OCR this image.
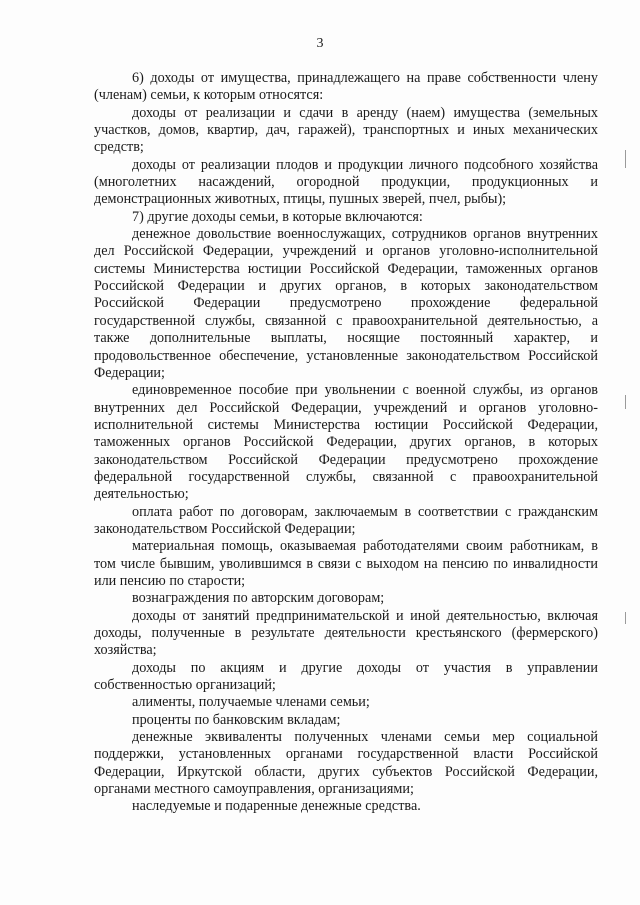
3

6) доходы от имущества, принадлежащего на праве собственности члену (членам) семьи, к которым относятся:

доходы от реализации и сдачи в аренду (наем) имущества (земельных участков, домов, квартир, дач, гаражей), транспортных и иных механических средств;

доходы от реализации плодов и продукции личного подсобного хозяйства (многолетних насаждений, огородной продукции, продукционных и демонстрационных животных, птицы, пушных зверей, пчел, рыбы);

7) другие доходы семьи, в которые включаются:

денежное довольствие военнослужащих, сотрудников органов внутренних дел Российской Федерации, учреждений и органов уголовно-исполнительной системы Министерства юстиции Российской Федерации, таможенных органов Российской Федерации и других органов, в которых законодательством Российской Федерации предусмотрено прохождение федеральной государственной службы, связанной с правоохранительной деятельностью, а также дополнительные выплаты, носящие постоянный характер, и продовольственное обеспечение, установленные законодательством Российской Федерации;

единовременное пособие при увольнении с военной службы, из органов внутренних дел Российской Федерации, учреждений и органов уголовно-исполнительной системы Министерства юстиции Российской Федерации, таможенных органов Российской Федерации, других органов, в которых законодательством Российской Федерации предусмотрено прохождение федеральной государственной службы, связанной с правоохранительной деятельностью;

оплата работ по договорам, заключаемым в соответствии с гражданским законодательством Российской Федерации;

материальная помощь, оказываемая работодателями своим работникам, в том числе бывшим, уволившимся в связи с выходом на пенсию по инвалидности или пенсию по старости;

вознаграждения по авторским договорам;

доходы от занятий предпринимательской и иной деятельностью, включая доходы, полученные в результате деятельности крестьянского (фермерского) хозяйства;

доходы по акциям и другие доходы от участия в управлении собственностью организаций;

алименты, получаемые членами семьи;

проценты по банковским вкладам;

денежные эквиваленты полученных членами семьи мер социальной поддержки, установленных органами государственной власти Российской Федерации, Иркутской области, других субъектов Российской Федерации, органами местного самоуправления, организациями;

наследуемые и подаренные денежные средства.
